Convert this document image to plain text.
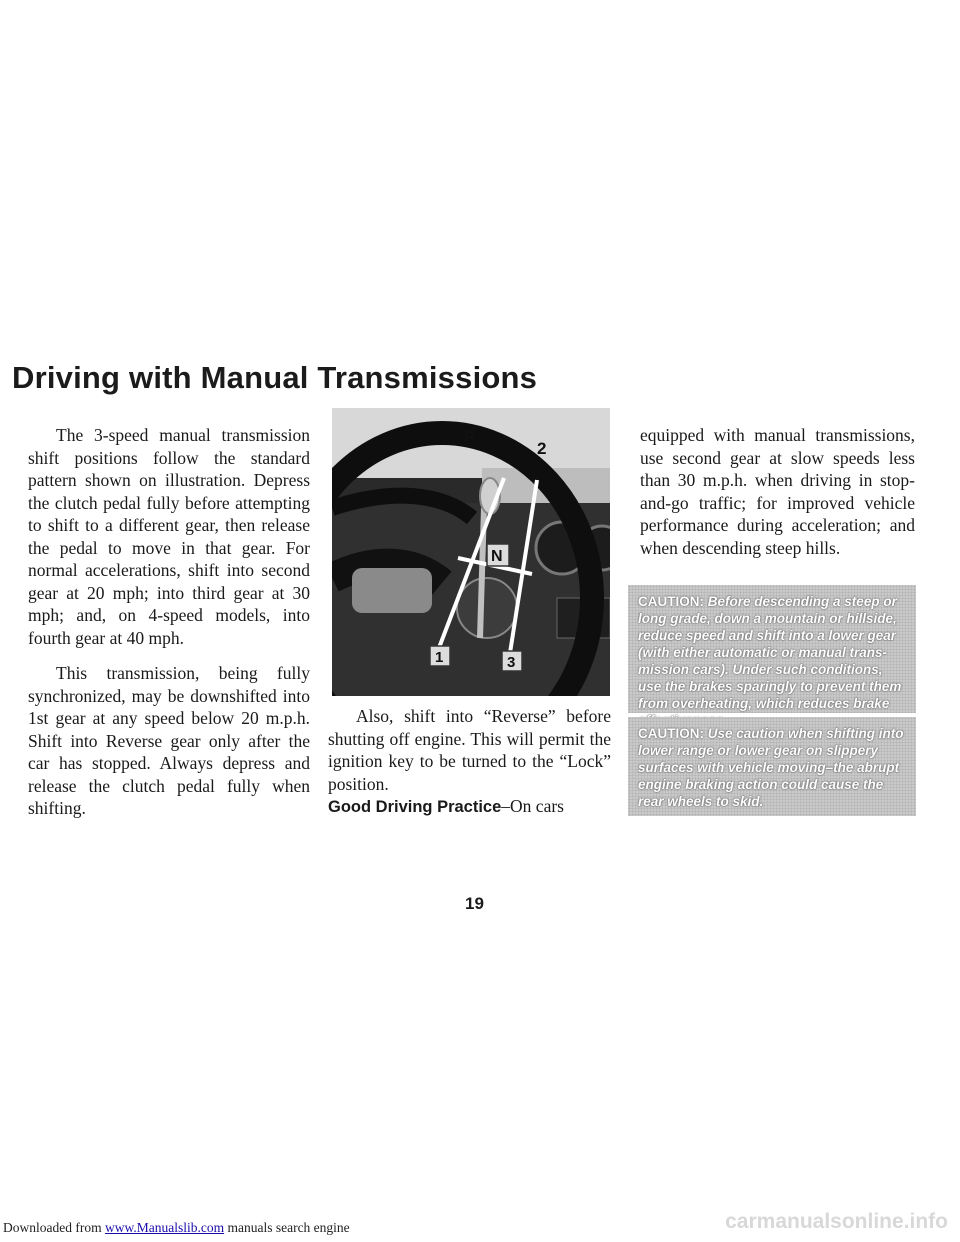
Driving with Manual Transmissions

The 3-speed manual transmission shift positions follow the standard pattern shown on illustration. Depress the clutch pedal fully before attempting to shift to a different gear, then release the pedal to move in that gear. For normal accelerations, shift into second gear at 20 mph; into third gear at 30 mph; and, on 4-speed models, into fourth gear at 40 mph.

This transmission, being fully synchronized, may be downshifted into 1st gear at any speed below 20 m.p.h. Shift into Reverse gear only after the car has stopped. Always depress and release the clutch pedal fully when shifting.

R
2
N
1	3

Also, shift into “Reverse” before shutting off engine. This will permit the ignition key to be turned to the “Lock” position.

Good Driving Practice–On cars

equipped with manual transmissions, use second gear at slow speeds less than 30 m.p.h. when driving in stop-and-go traffic; for improved vehicle performance during acceleration; and when descending steep hills.

CAUTION: Before descending a steep or long grade, down a mountain or hillside, reduce speed and shift into a lower gear (with either automatic or manual transmission cars). Under such conditions, use the brakes sparingly to prevent them from overheating, which reduces brake
CAUTION: Use caution when shifting into lower range or lower gear on slippery surfaces with vehicle moving–the abrupt engine braking action could cause the rear wheels to skid.
19
Downloaded from www.Manualslib.com manuals search engine	carmanualsonline.info
